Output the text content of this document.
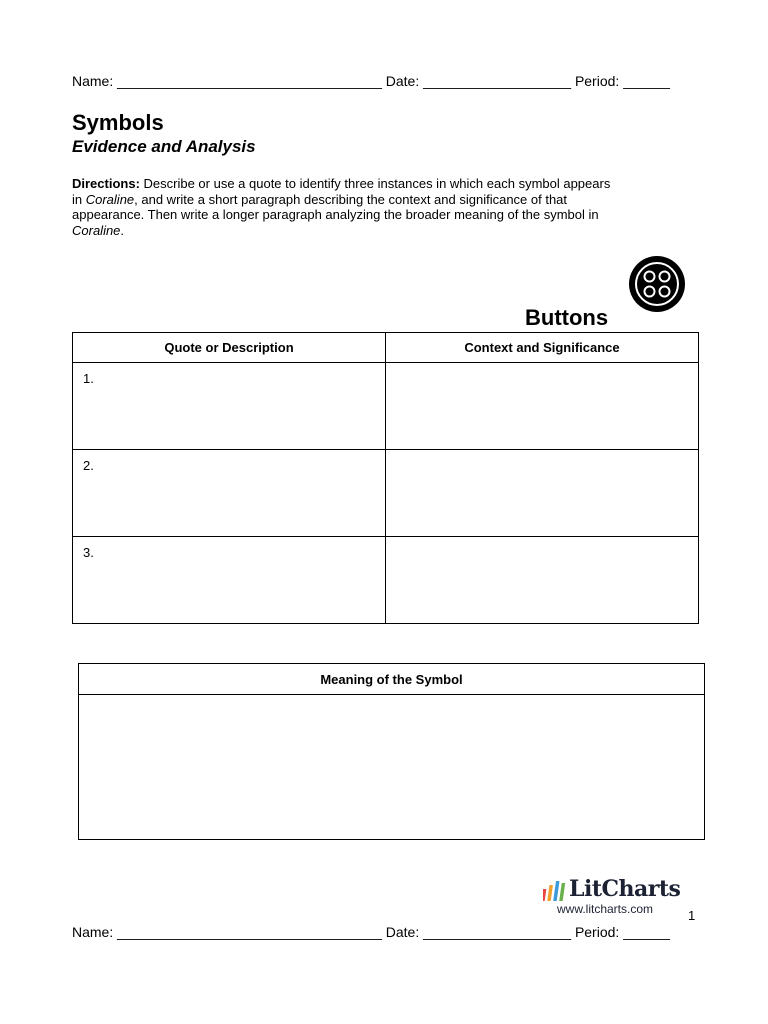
Name: __________________________________ Date: ___________________ Period: ______
Symbols
Evidence and Analysis

Directions: Describe or use a quote to identify three instances in which each symbol appears in Coraline, and write a short paragraph describing the context and significance of that appearance. Then write a longer paragraph analyzing the broader meaning of the symbol in Coraline.

Buttons
Quote or Description	Context and Significance

1.	

2.	

3.	

Meaning of the Symbol

LitCharts

www.litcharts.com	1
Name: __________________________________ Date: ___________________ Period: ______
